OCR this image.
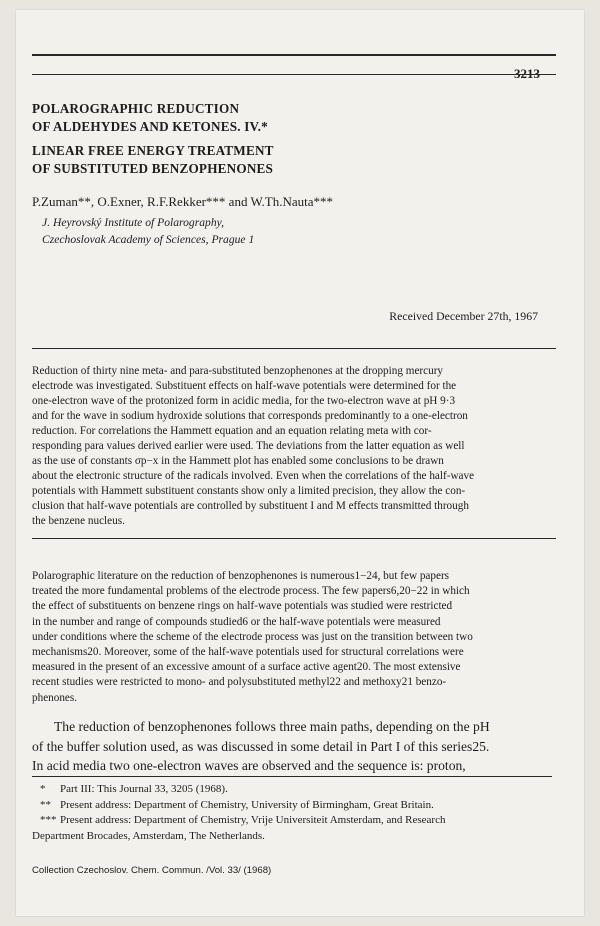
3213
POLAROGRAPHIC REDUCTION
OF ALDEHYDES AND KETONES. IV.*
LINEAR FREE ENERGY TREATMENT
OF SUBSTITUTED BENZOPHENONES
P.Zuman**, O.Exner, R.F.Rekker*** and W.Th.Nauta***
J. Heyrovský Institute of Polarography,
Czechoslovak Academy of Sciences, Prague 1
Received December 27th, 1967
Reduction of thirty nine meta- and para-substituted benzophenones at the dropping mercury
electrode was investigated. Substituent effects on half-wave potentials were determined for the
one-electron wave of the protonized form in acidic media, for the two-electron wave at pH 9·3
and for the wave in sodium hydroxide solutions that corresponds predominantly to a one-electron
reduction. For correlations the Hammett equation and an equation relating meta with cor-
responding para values derived earlier were used. The deviations from the latter equation as well
as the use of constants σp−x in the Hammett plot has enabled some conclusions to be drawn
about the electronic structure of the radicals involved. Even when the correlations of the half-wave
potentials with Hammett substituent constants show only a limited precision, they allow the con-
clusion that half-wave potentials are controlled by substituent I and M effects transmitted through
the benzene nucleus.
Polarographic literature on the reduction of benzophenones is numerous1−24, but few papers
treated the more fundamental problems of the electrode process. The few papers6,20−22 in which
the effect of substituents on benzene rings on half-wave potentials was studied were restricted
in the number and range of compounds studied6 or the half-wave potentials were measured
under conditions where the scheme of the electrode process was just on the transition between two
mechanisms20. Moreover, some of the half-wave potentials used for structural correlations were
measured in the present of an excessive amount of a surface active agent20. The most extensive
recent studies were restricted to mono- and polysubstituted methyl22 and methoxy21 benzo-
phenones.
The reduction of benzophenones follows three main paths, depending on the pH
of the buffer solution used, as was discussed in some detail in Part I of this series25.
In acid media two one-electron waves are observed and the sequence is: proton,
* Part III: This Journal 33, 3205 (1968).
** Present address: Department of Chemistry, University of Birmingham, Great Britain.
*** Present address: Department of Chemistry, Vrije Universiteit Amsterdam, and Research
Department Brocades, Amsterdam, The Netherlands.
Collection Czechoslov. Chem. Commun. /Vol. 33/ (1968)
